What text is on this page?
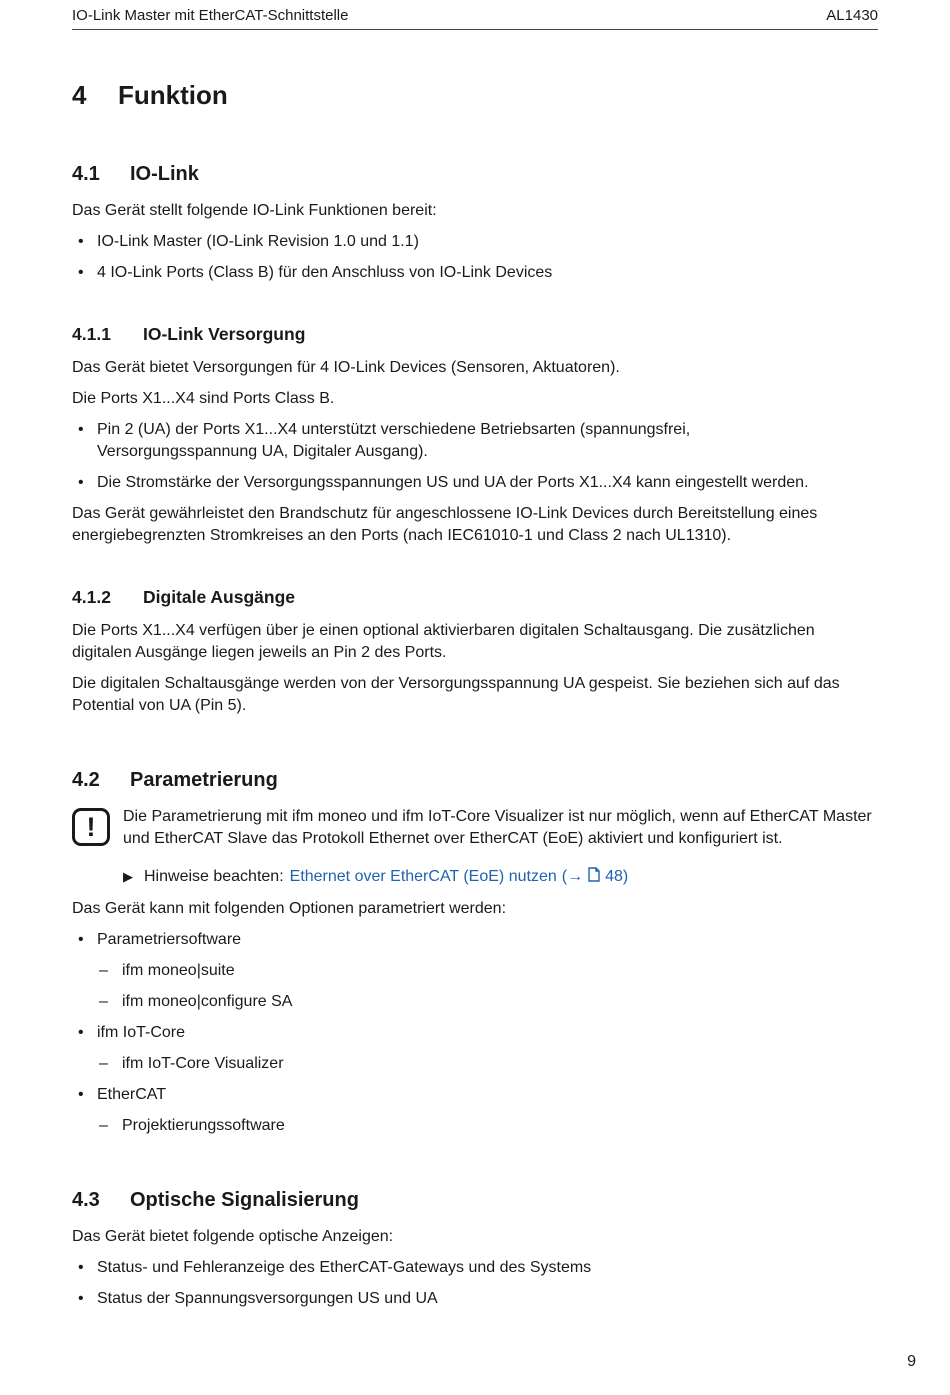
IO-Link Master mit EtherCAT-Schnittstelle	AL1430
4	Funktion
4.1	IO-Link

Das Gerät stellt folgende IO-Link Funktionen bereit:

• IO-Link Master (IO-Link Revision 1.0 und 1.1)
• 4 IO-Link Ports (Class B) für den Anschluss von IO-Link Devices
4.1.1	IO-Link Versorgung

Das Gerät bietet Versorgungen für 4 IO-Link Devices (Sensoren, Aktuatoren).

Die Ports X1...X4 sind Ports Class B.

• Pin 2 (UA) der Ports X1...X4 unterstützt verschiedene Betriebsarten (spannungsfrei, Versorgungsspannung UA, Digitaler Ausgang).
• Die Stromstärke der Versorgungsspannungen US und UA der Ports X1...X4 kann eingestellt werden.

Das Gerät gewährleistet den Brandschutz für angeschlossene IO-Link Devices durch Bereitstellung eines energiebegrenzten Stromkreises an den Ports (nach IEC61010-1 und Class 2 nach UL1310).

4.1.2	Digitale Ausgänge

Die Ports X1...X4 verfügen über je einen optional aktivierbaren digitalen Schaltausgang. Die zusätzlichen digitalen Ausgänge liegen jeweils an Pin 2 des Ports.

Die digitalen Schaltausgänge werden von der Versorgungsspannung UA gespeist. Sie beziehen sich auf das Potential von UA (Pin 5).

4.2	Parametrierung
! Die Parametrierung mit ifm moneo und ifm IoT-Core Visualizer ist nur möglich, wenn auf EtherCAT Master und EtherCAT Slave das Protokoll Ethernet over EtherCAT (EoE) aktiviert und konfiguriert ist.

▶ Hinweise beachten: Ethernet over EtherCAT (EoE) nutzen (→ 48)

Das Gerät kann mit folgenden Optionen parametriert werden:

• Parametriersoftware
– ifm moneo|suite
– ifm moneo|configure SA
• ifm IoT-Core
– ifm IoT-Core Visualizer
• EtherCAT
– Projektierungssoftware
4.3	Optische Signalisierung

Das Gerät bietet folgende optische Anzeigen:

• Status- und Fehleranzeige des EtherCAT-Gateways und des Systems
• Status der Spannungsversorgungen US und UA
9
